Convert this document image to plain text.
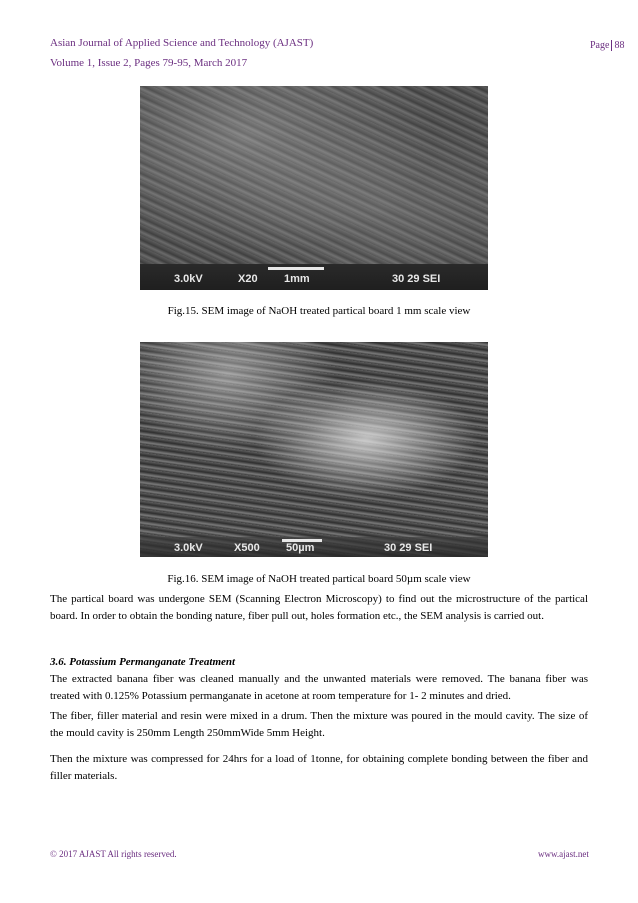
Asian Journal of Applied Science and Technology (AJAST)
Volume 1, Issue 2, Pages 79-95, March 2017
Page 88
3.0kV	X20 1mm	30 29 SEI
Fig.15. SEM image of NaOH treated partical board 1 mm scale view
3.0kV	X500 50µm	30 29 SEI
Fig.16. SEM image of NaOH treated partical board 50µm scale view
The partical board was undergone SEM (Scanning Electron Microscopy) to find out the microstructure of the partical board. In order to obtain the bonding nature, fiber pull out, holes formation etc., the SEM analysis is carried out.
3.6. Potassium Permanganate Treatment
The extracted banana fiber was cleaned manually and the unwanted materials were removed. The banana fiber was treated with 0.125% Potassium permanganate in acetone at room temperature for 1- 2 minutes and dried.
The fiber, filler material and resin were mixed in a drum. Then the mixture was poured in the mould cavity. The size of the mould cavity is 250mm Length 250mmWide 5mm Height.
Then the mixture was compressed for 24hrs for a load of 1tonne, for obtaining complete bonding between the fiber and filler materials.
© 2017 AJAST All rights reserved.	www.ajast.net
